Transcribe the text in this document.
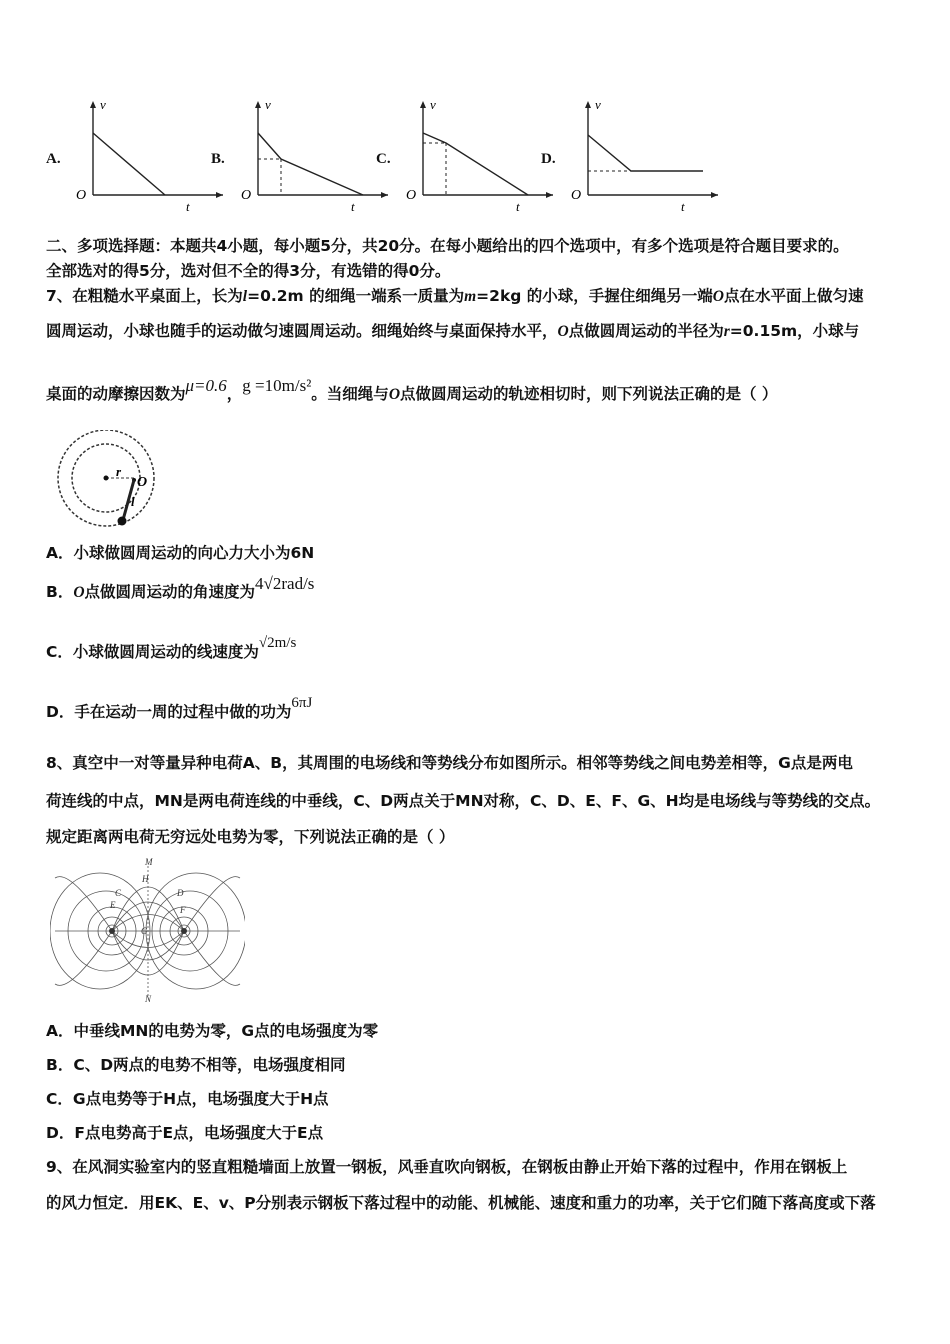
A.
v
t
O
B.
v
t
O
C.
v
t
O
D.
v
t
O
二、多项选择题：本题共4小题，每小题5分，共20分。在每小题给出的四个选项中，有多个选项是符合题目要求的。
全部选对的得5分，选对但不全的得3分，有选错的得0分。
7、在粗糙水平桌面上，长为l=0.2m 的细绳一端系一质量为m=2kg 的小球，手握住细绳另一端O点在水平面上做匀速
圆周运动，小球也随手的运动做匀速圆周运动。细绳始终与桌面保持水平，O点做圆周运动的半径为r=0.15m，小球与
桌面的动摩擦因数为μ=0.6，g =10m/s²。当细绳与O点做圆周运动的轨迹相切时，则下列说法正确的是（ ）
r
O
l
A．小球做圆周运动的向心力大小为6N
B．O点做圆周运动的角速度为4√2rad/s
C．小球做圆周运动的线速度为√2m/s
D．手在运动一周的过程中做的功为6πJ
8、真空中一对等量异种电荷A、B，其周围的电场线和等势线分布如图所示。相邻等势线之间电势差相等，G点是两电
荷连线的中点，MN是两电荷连线的中垂线，C、D两点关于MN对称，C、D、E、F、G、H均是电场线与等势线的交点。
规定距离两电荷无穷远处电势为零，下列说法正确的是（ ）
M
N
H
C	D
E	F
G
A．中垂线MN的电势为零，G点的电场强度为零
B．C、D两点的电势不相等，电场强度相同
C．G点电势等于H点，电场强度大于H点
D．F点电势高于E点，电场强度大于E点
9、在风洞实验室内的竖直粗糙墙面上放置一钢板，风垂直吹向钢板，在钢板由静止开始下落的过程中，作用在钢板上
的风力恒定．用EK、E、v、P分别表示钢板下落过程中的动能、机械能、速度和重力的功率，关于它们随下落高度或下落
